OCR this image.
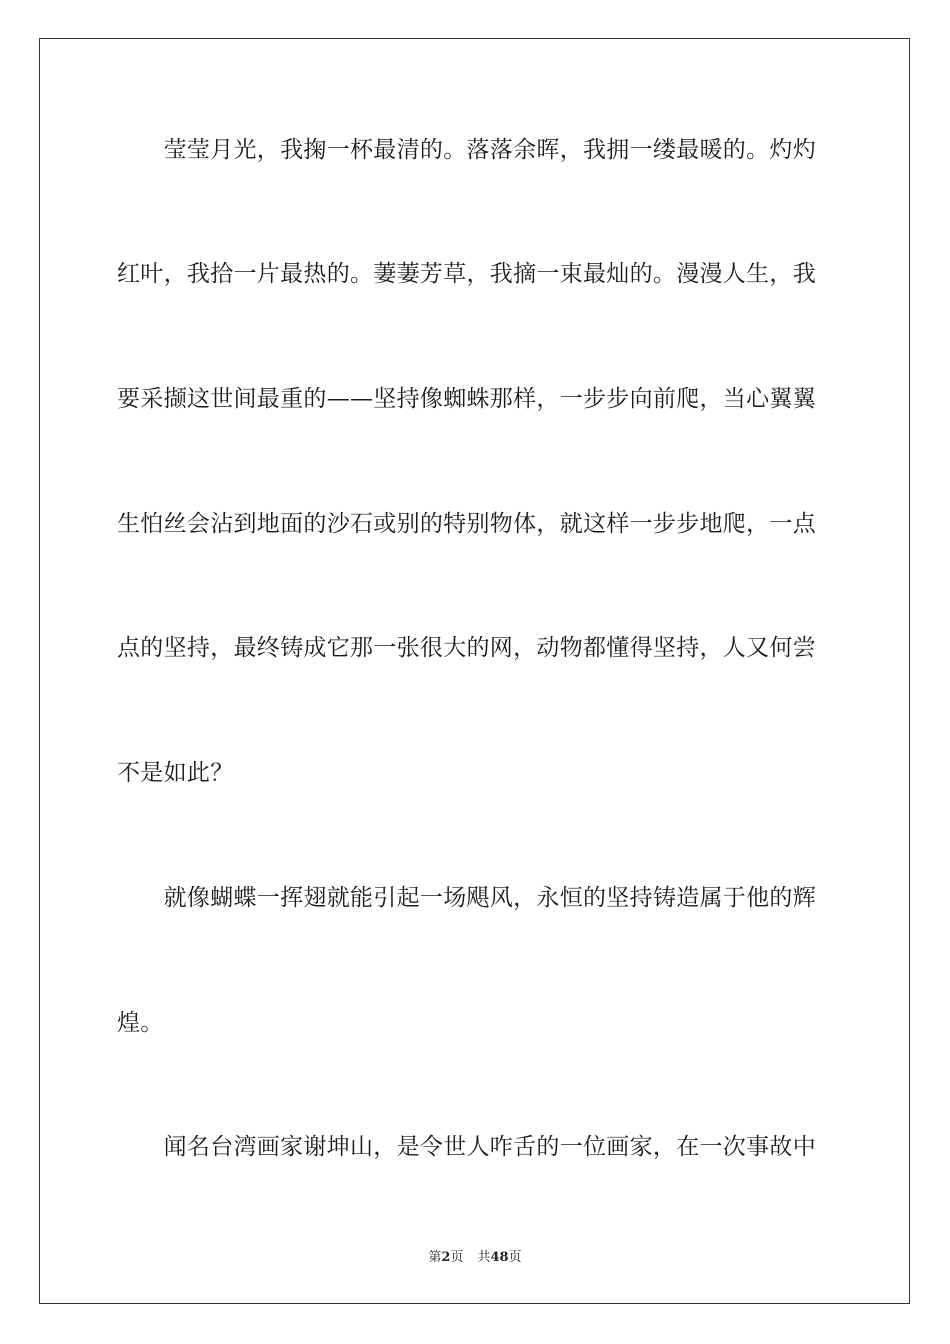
　　莹莹月光，我掬一杯最清的。落落余晖，我拥一缕最暖的。灼灼
红叶，我拾一片最热的。萋萋芳草，我摘一束最灿的。漫漫人生，我
要采撷这世间最重的——坚持像蜘蛛那样，一步步向前爬，当心翼翼
生怕丝会沾到地面的沙石或别的特别物体，就这样一步步地爬，一点
点的坚持，最终铸成它那一张很大的网，动物都懂得坚持，人又何尝
不是如此？
　　就像蝴蝶一挥翅就能引起一场飓风，永恒的坚持铸造属于他的辉
煌。
　　闻名台湾画家谢坤山，是令世人咋舌的一位画家，在一次事故中
第2页 共48页
